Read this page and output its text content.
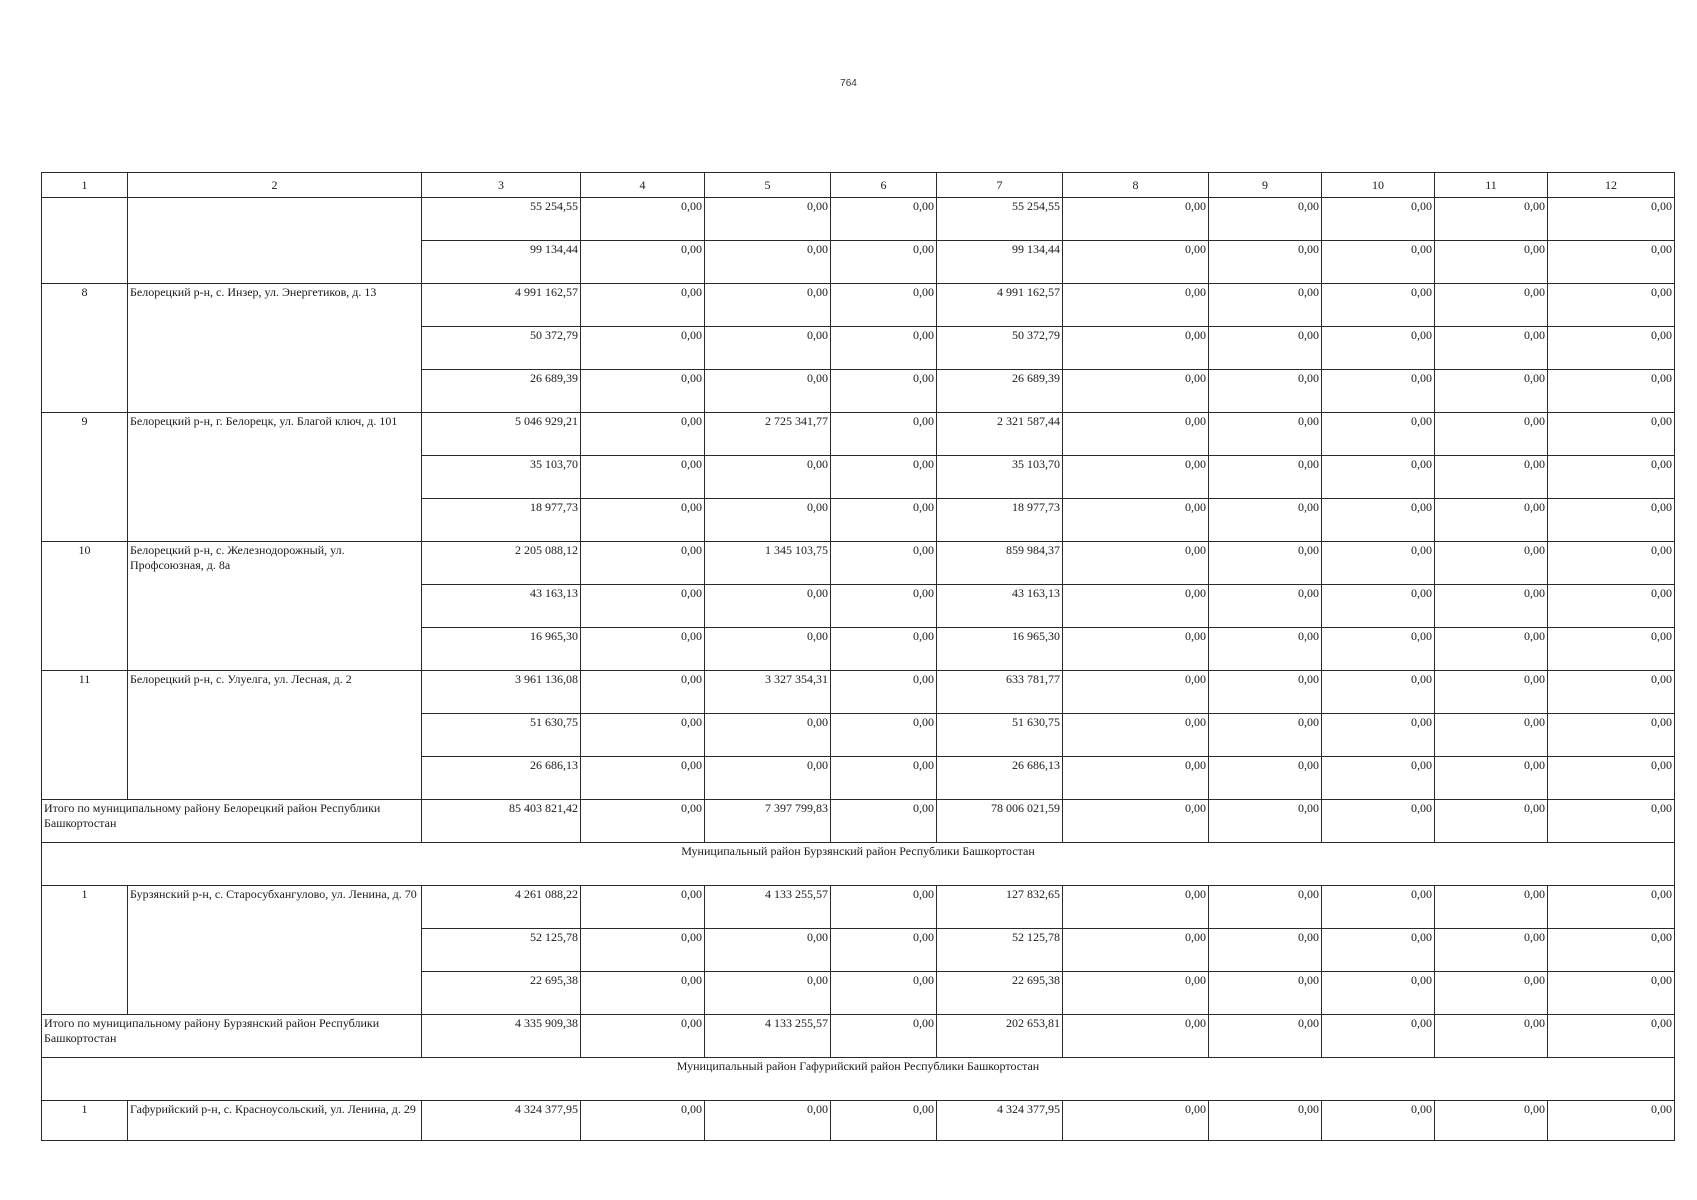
764
1	2	3	4	5	6	7	8	9	10	11	12
		55 254,55	0,00	0,00	0,00	55 254,55	0,00	0,00	0,00	0,00	0,00
		99 134,44	0,00	0,00	0,00	99 134,44	0,00	0,00	0,00	0,00	0,00
8	Белорецкий р-н, с. Инзер, ул. Энергетиков, д. 13	4 991 162,57	0,00	0,00	0,00	4 991 162,57	0,00	0,00	0,00	0,00	0,00
		50 372,79	0,00	0,00	0,00	50 372,79	0,00	0,00	0,00	0,00	0,00
		26 689,39	0,00	0,00	0,00	26 689,39	0,00	0,00	0,00	0,00	0,00
9	Белорецкий р-н, г. Белорецк, ул. Благой ключ, д. 101	5 046 929,21	0,00	2 725 341,77	0,00	2 321 587,44	0,00	0,00	0,00	0,00	0,00
		35 103,70	0,00	0,00	0,00	35 103,70	0,00	0,00	0,00	0,00	0,00
		18 977,73	0,00	0,00	0,00	18 977,73	0,00	0,00	0,00	0,00	0,00
10	Белорецкий р-н, с. Железнодорожный, ул. Профсоюзная, д. 8а	2 205 088,12	0,00	1 345 103,75	0,00	859 984,37	0,00	0,00	0,00	0,00	0,00
		43 163,13	0,00	0,00	0,00	43 163,13	0,00	0,00	0,00	0,00	0,00
		16 965,30	0,00	0,00	0,00	16 965,30	0,00	0,00	0,00	0,00	0,00
11	Белорецкий р-н, с. Улуелга, ул. Лесная, д. 2	3 961 136,08	0,00	3 327 354,31	0,00	633 781,77	0,00	0,00	0,00	0,00	0,00
		51 630,75	0,00	0,00	0,00	51 630,75	0,00	0,00	0,00	0,00	0,00
		26 686,13	0,00	0,00	0,00	26 686,13	0,00	0,00	0,00	0,00	0,00
Итого по муниципальному району Белорецкий район Республики Башкортостан		85 403 821,42	0,00	7 397 799,83	0,00	78 006 021,59	0,00	0,00	0,00	0,00	0,00
Муниципальный район Бурзянский район Республики Башкортостан											
1	Бурзянский р-н, с. Старосубхангулово, ул. Ленина, д. 70	4 261 088,22	0,00	4 133 255,57	0,00	127 832,65	0,00	0,00	0,00	0,00	0,00
		52 125,78	0,00	0,00	0,00	52 125,78	0,00	0,00	0,00	0,00	0,00
		22 695,38	0,00	0,00	0,00	22 695,38	0,00	0,00	0,00	0,00	0,00
Итого по муниципальному району Бурзянский район Республики Башкортостан		4 335 909,38	0,00	4 133 255,57	0,00	202 653,81	0,00	0,00	0,00	0,00	0,00
Муниципальный район Гафурийский район Республики Башкортостан											
1	Гафурийский р-н, с. Красноусольский, ул. Ленина, д. 29	4 324 377,95	0,00	0,00	0,00	4 324 377,95	0,00	0,00	0,00	0,00	0,00
